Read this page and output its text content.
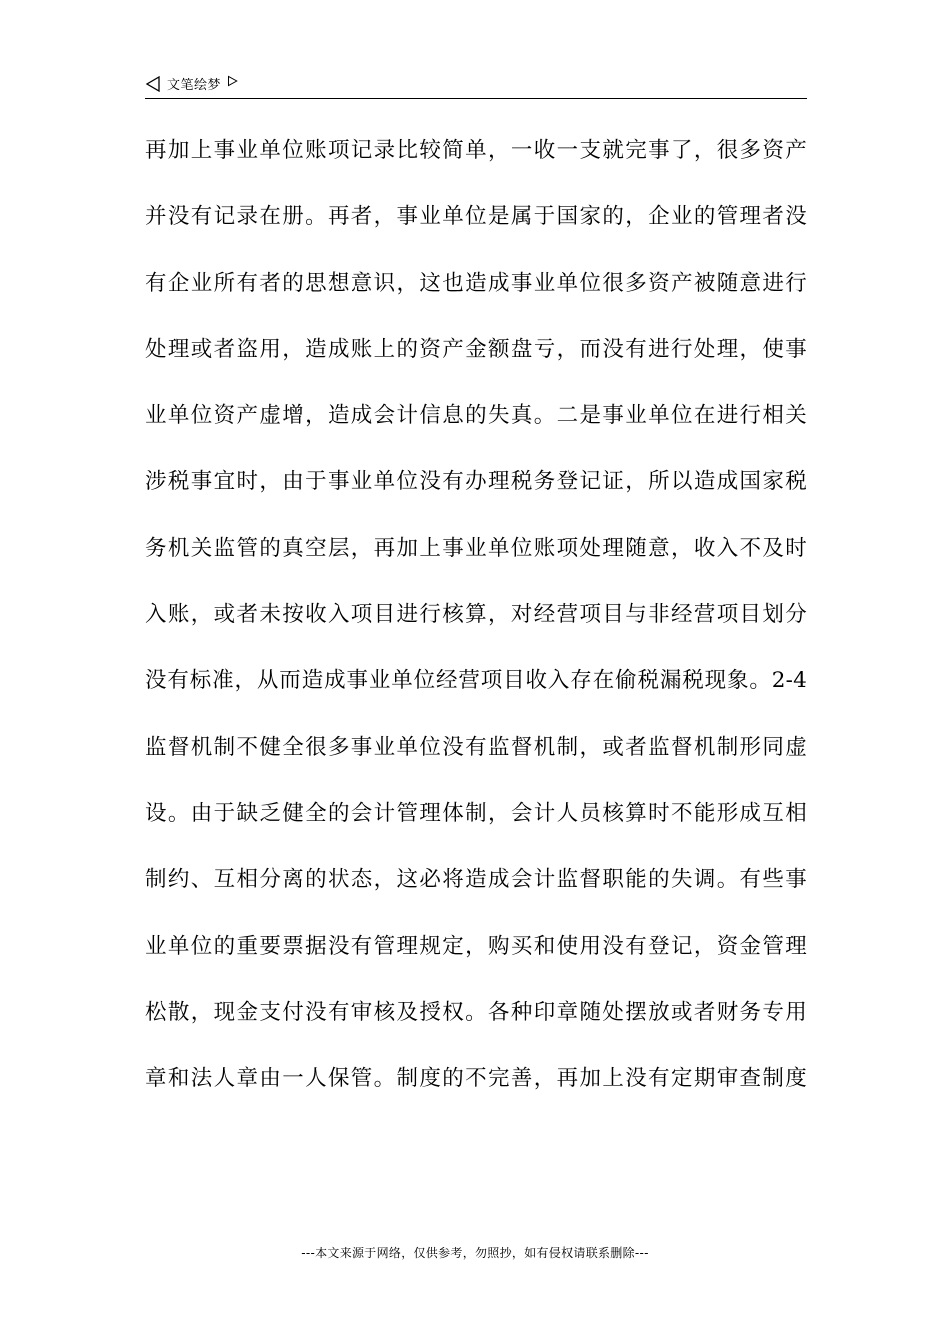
文笔绘梦
再加上事业单位账项记录比较简单，一收一支就完事了，很多资产
并没有记录在册。再者，事业单位是属于国家的，企业的管理者没
有企业所有者的思想意识，这也造成事业单位很多资产被随意进行
处理或者盗用，造成账上的资产金额盘亏，而没有进行处理，使事
业单位资产虚增，造成会计信息的失真。二是事业单位在进行相关
涉税事宜时，由于事业单位没有办理税务登记证，所以造成国家税
务机关监管的真空层，再加上事业单位账项处理随意，收入不及时
入账，或者未按收入项目进行核算，对经营项目与非经营项目划分
没有标准，从而造成事业单位经营项目收入存在偷税漏税现象。2-4
监督机制不健全很多事业单位没有监督机制，或者监督机制形同虚
设。由于缺乏健全的会计管理体制，会计人员核算时不能形成互相
制约、互相分离的状态，这必将造成会计监督职能的失调。有些事
业单位的重要票据没有管理规定，购买和使用没有登记，资金管理
松散，现金支付没有审核及授权。各种印章随处摆放或者财务专用
章和法人章由一人保管。制度的不完善，再加上没有定期审查制度
---本文来源于网络，仅供参考，勿照抄，如有侵权请联系删除---
